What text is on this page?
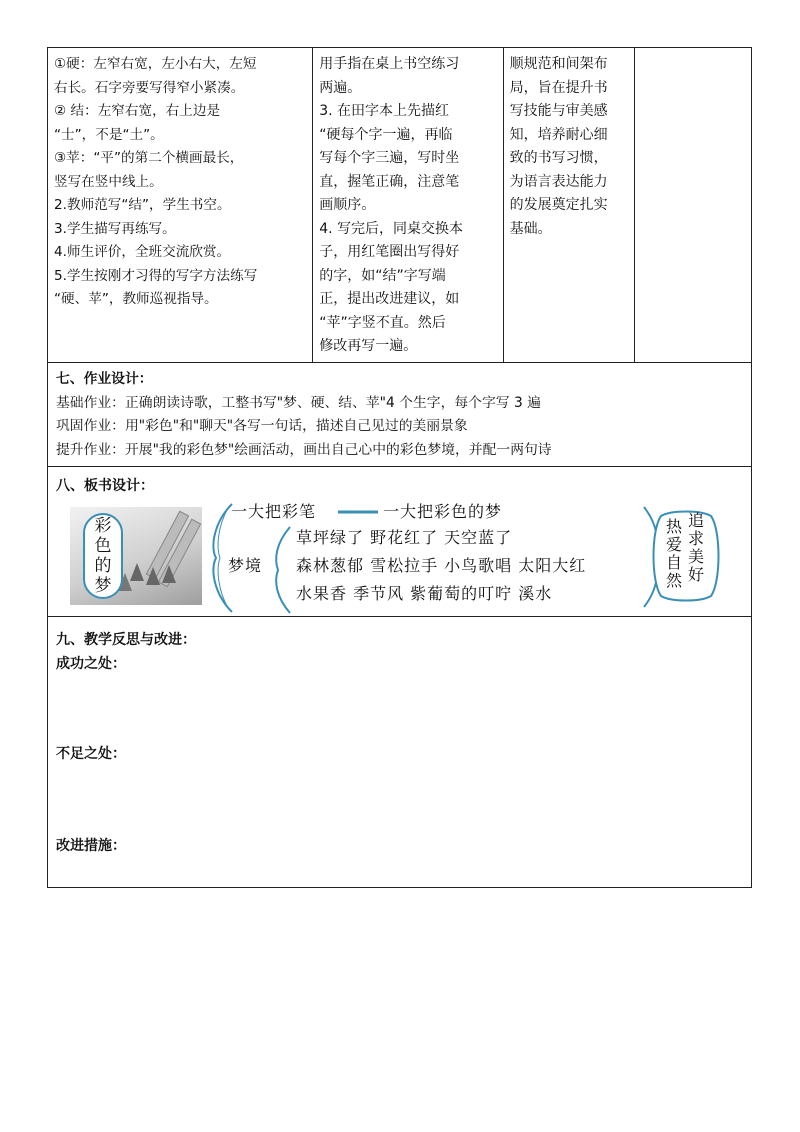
①硬：左窄右宽，左小右大，左短
右长。石字旁要写得窄小紧凑。
② 结：左窄右宽，右上边是
“士”，不是“土”。
③苹：“平”的第二个横画最长，
竖写在竖中线上。
2.教师范写“结”，学生书空。
3.学生描写再练写。
4.师生评价，全班交流欣赏。
5.学生按刚才习得的写字方法练写
“硬、苹”，教师巡视指导。
用手指在桌上书空练习
两遍。
3. 在田字本上先描红
“硬每个字一遍，再临
写每个字三遍，写时坐
直，握笔正确，注意笔
画顺序。
4. 写完后，同桌交换本
子，用红笔圈出写得好
的字，如“结”字写端
正，提出改进建议，如
“苹”字竖不直。然后
修改再写一遍。
顺规范和间架布
局，旨在提升书
写技能与审美感
知，培养耐心细
致的书写习惯，
为语言表达能力
的发展奠定扎实
基础。
七、作业设计：
基础作业：正确朗读诗歌，工整书写"梦、硬、结、苹"4 个生字，每个字写 3 遍
巩固作业：用"彩色"和"聊天"各写一句话，描述自己见过的美丽景象
提升作业：开展"我的彩色梦"绘画活动，画出自己心中的彩色梦境，并配一两句诗
八、板书设计：
彩
色
的
梦
一大把彩笔	一大把彩色的梦
梦境
草坪绿了 野花红了 天空蓝了
森林葱郁 雪松拉手 小鸟歌唱 太阳大红
水果香 季节风 紫葡萄的叮咛 溪水
热
爱
自
然
追
求
美
好
九、教学反思与改进：
成功之处：
不足之处：
改进措施：
